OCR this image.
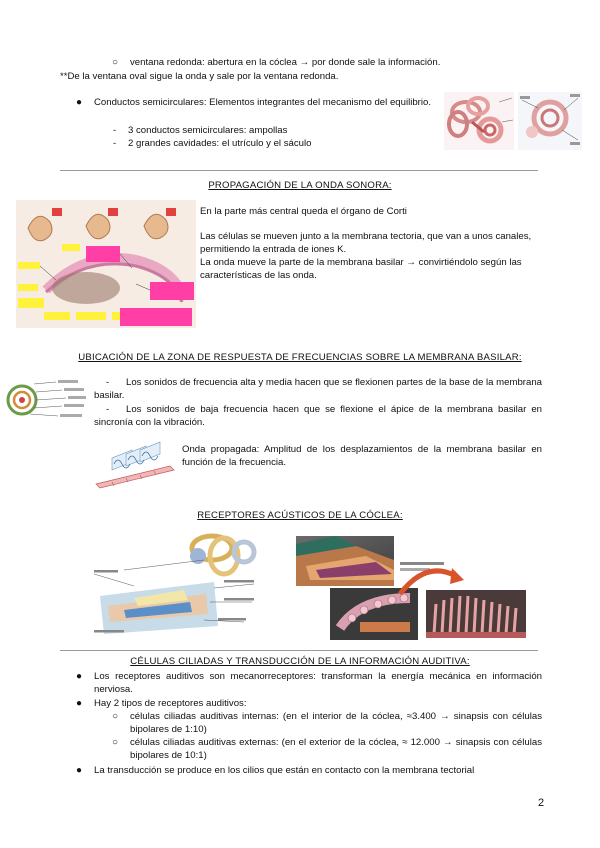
○ ventana redonda: abertura en la cóclea → por donde sale la información.
**De la ventana oval sigue la onda y sale por la ventana redonda.
● Conductos semicirculares: Elementos integrantes del mecanismo del equilibrio.
- 3 conductos semicirculares: ampollas
- 2 grandes cavidades: el utrículo y el sáculo
PROPAGACIÓN DE LA ONDA SONORA:
En la parte más central queda el órgano de Corti
Las células se mueven junto a la membrana tectoria, que van a unos canales, permitiendo la entrada de iones K.
La onda mueve la parte de la membrana basilar → convirtiéndolo según las características de las onda.
UBICACIÓN DE LA ZONA DE RESPUESTA DE FRECUENCIAS SOBRE LA MEMBRANA BASILAR:
-	Los sonidos de frecuencia alta y media hacen que se flexionen partes de la base de la membrana basilar.
-	Los sonidos de baja frecuencia hacen que se flexione el ápice de la membrana basilar en sincronía con la vibración.
Onda propagada: Amplitud de los desplazamientos de la membrana basilar en función de la frecuencia.
RECEPTORES ACÚSTICOS DE LA CÓCLEA:
CÉLULAS CILIADAS Y TRANSDUCCIÓN DE LA INFORMACIÓN AUDITIVA:
● Los receptores auditivos son mecanorreceptores: transforman la energía mecánica en información nerviosa.
● Hay 2 tipos de receptores auditivos:
○ células ciliadas auditivas internas: (en el interior de la cóclea, ≈3.400 → sinapsis con células bipolares de 1:10)
○ células ciliadas auditivas externas: (en el exterior de la cóclea, ≈ 12.000 → sinapsis con células bipolares de 10:1)
● La transducción se produce en los cilios que están en contacto con la membrana tectorial
2
